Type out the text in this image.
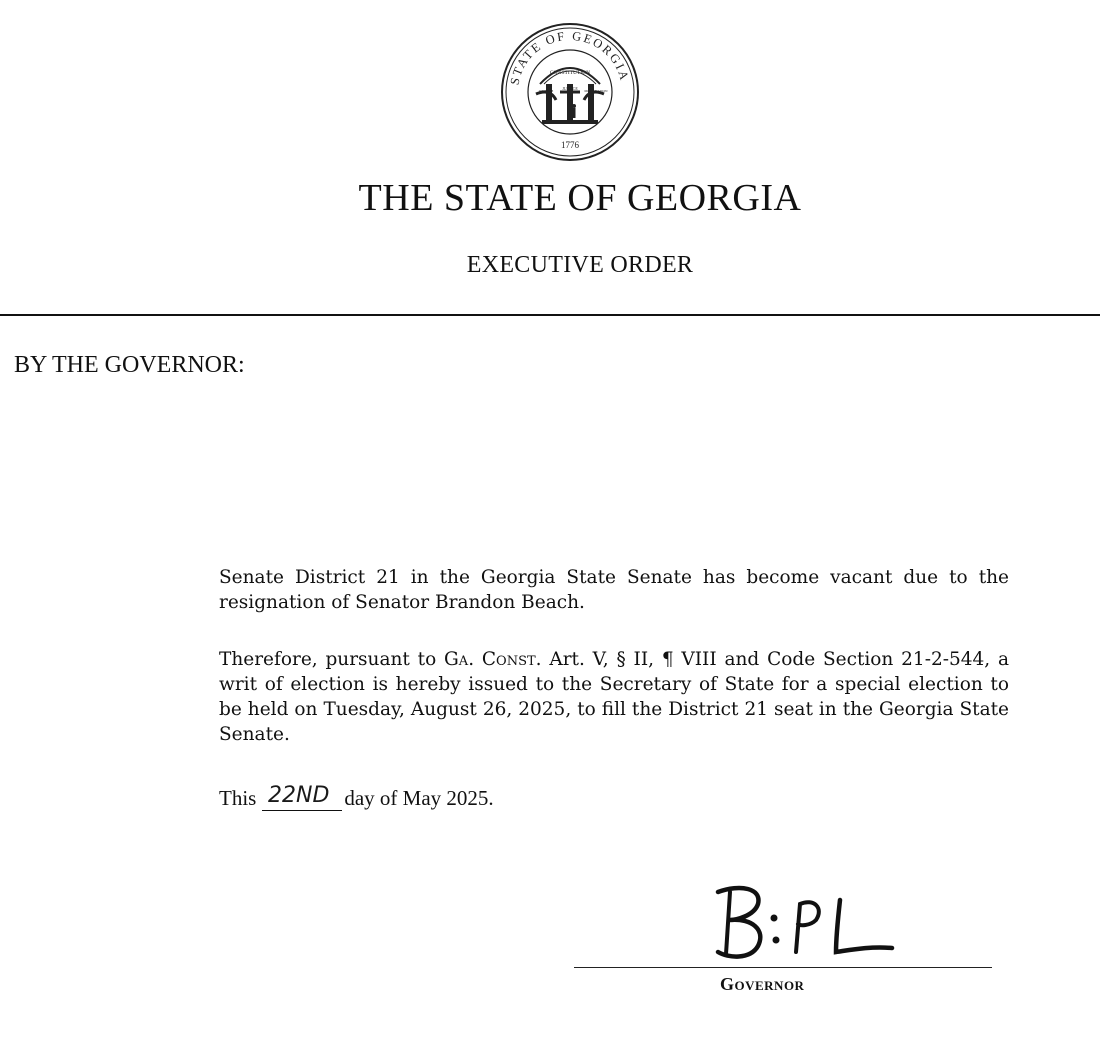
STATE OF GEORGIA
CONSTITUTION
JUSTICE
WISDOM	MODERATION
1776
THE STATE OF GEORGIA
EXECUTIVE ORDER
BY THE GOVERNOR:
Senate District 21 in the Georgia State Senate has become vacant due to the resignation of Senator Brandon Beach.
Therefore, pursuant to Ga. Const. Art. V, § II, ¶ VIII and Code Section 21-2-544, a writ of election is hereby issued to the Secretary of State for a special election to be held on Tuesday, August 26, 2025, to fill the District 21 seat in the Georgia State Senate.
This 22ND day of May 2025.
Governor
